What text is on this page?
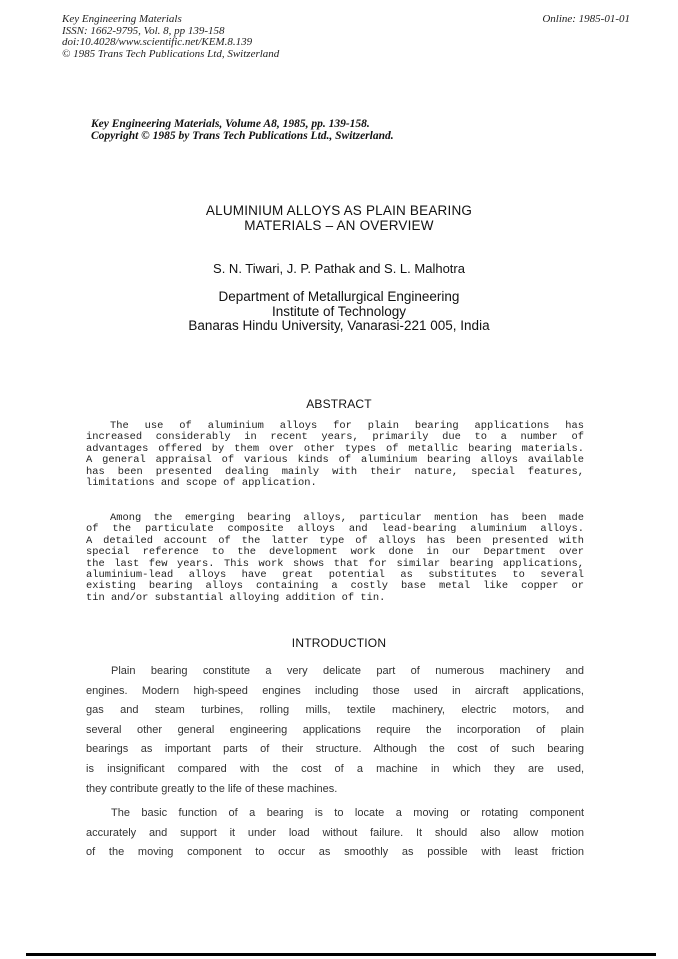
Key Engineering Materials
ISSN: 1662-9795, Vol. 8, pp 139-158
doi:10.4028/www.scientific.net/KEM.8.139
© 1985 Trans Tech Publications Ltd, Switzerland
Online: 1985-01-01
Key Engineering Materials, Volume A8, 1985, pp. 139-158.
Copyright © 1985 by Trans Tech Publications Ltd., Switzerland.
ALUMINIUM ALLOYS AS PLAIN BEARING
MATERIALS – AN OVERVIEW
S. N. Tiwari, J. P. Pathak and S. L. Malhotra
Department of Metallurgical Engineering
Institute of Technology
Banaras Hindu University, Vanarasi-221 005, India
ABSTRACT
The use of aluminium alloys for plain bearing applications has
increased considerably in recent years, primarily due to a number of
advantages offered by them over other types of metallic bearing materials.
A general appraisal of various kinds of aluminium bearing alloys available
has been presented dealing mainly with their nature, special features,
limitations and scope of application.
Among the emerging bearing alloys, particular mention has been made
of the particulate composite alloys and lead-bearing aluminium alloys.
A detailed account of the latter type of alloys has been presented with
special reference to the development work done in our Department over
the last few years. This work shows that for similar bearing applications,
aluminium-lead alloys have great potential as substitutes to several
existing bearing alloys containing a costly base metal like copper or
tin and/or substantial alloying addition of tin.
INTRODUCTION
Plain bearing constitute a very delicate part of numerous machinery and
engines. Modern high-speed engines including those used in aircraft applications,
gas and steam turbines, rolling mills, textile machinery, electric motors, and
several other general engineering applications require the incorporation of plain
bearings as important parts of their structure. Although the cost of such bearing
is insignificant compared with the cost of a machine in which they are used,
they contribute greatly to the life of these machines.
The basic function of a bearing is to locate a moving or rotating component
accurately and support it under load without failure. It should also allow motion
of the moving component to occur as smoothly as possible with least friction
